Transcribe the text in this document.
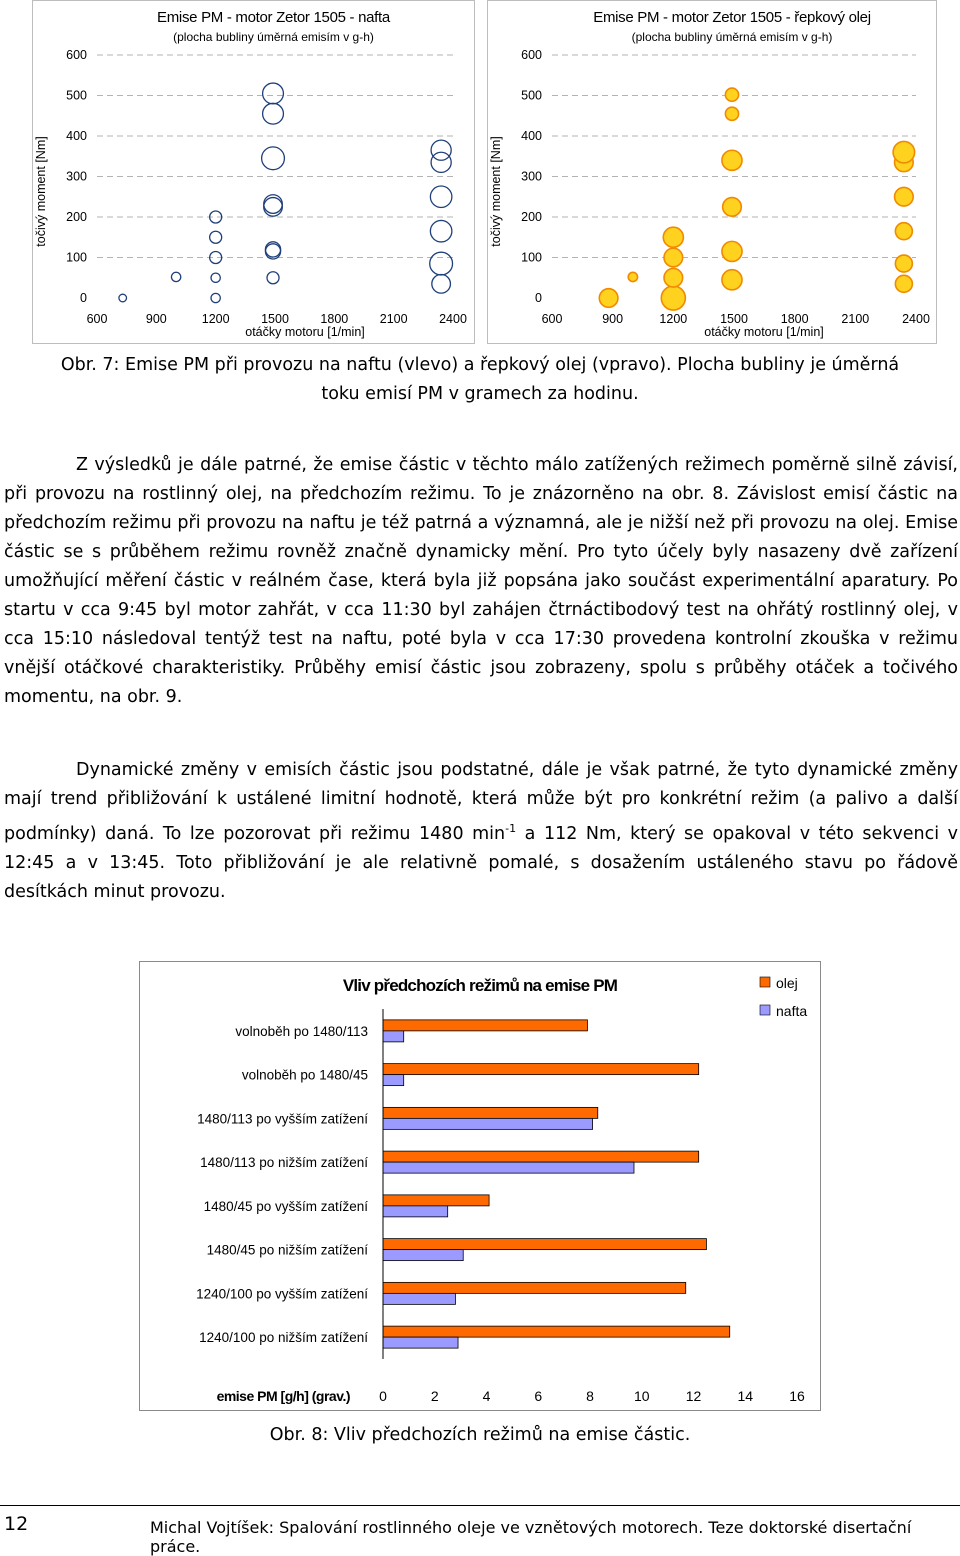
Emise PM - motor Zetor 1505 - nafta
(plocha bubliny úměrná emisím v g-h)
0
100
200
300
400
500
600
600	900	1200	1500	1800	2100	2400
otáčky motoru [1/min]
točivý moment [Nm]
Emise PM - motor Zetor 1505 - řepkový olej
(plocha bubliny úměrná emisím v g-h)
0
100
200
300
400
500
600
600	900	1200	1500	1800	2100	2400
otáčky motoru [1/min]
točivý moment [Nm]
Obr. 7: Emise PM při provozu na naftu (vlevo) a řepkový olej (vpravo). Plocha bubliny je úměrná
toku emisí PM v gramech za hodinu.
Z výsledků je dále patrné, že emise částic v těchto málo zatížených režimech poměrně silně závisí, při provozu na rostlinný olej, na předchozím režimu. To je znázorněno na obr. 8. Závislost emisí částic na předchozím režimu při provozu na naftu je též patrná a významná, ale je nižší než při provozu na olej. Emise částic se s průběhem režimu rovněž značně dynamicky mění. Pro tyto účely byly nasazeny dvě zařízení umožňující měření částic v reálném čase, která byla již popsána jako součást experimentální aparatury. Po startu v cca 9:45 byl motor zahřát, v cca 11:30 byl zahájen čtrnáctibodový test na ohřátý rostlinný olej, v cca 15:10 následoval tentýž test na naftu, poté byla v cca 17:30 provedena kontrolní zkouška v režimu vnější otáčkové charakteristiky. Průběhy emisí částic jsou zobrazeny, spolu s průběhy otáček a točivého momentu, na obr. 9.
Dynamické změny v emisích částic jsou podstatné, dále je však patrné, že tyto dynamické změny mají trend přibližování k ustálené limitní hodnotě, která může být pro konkrétní režim (a palivo a další podmínky) daná. To lze pozorovat při režimu 1480 $\min^{-1} a$ 112 Nm, který se opakoval v této sekvenci v 12:45 a v 13:45. Toto přibližování je ale relativně pomalé, s dosažením ustáleného stavu po řádově desítkách minut provozu.
Vliv předchozích režimů na emise PM	olej
nafta
volnoběh po 1480/113
volnoběh po 1480/45
1480/113 po vyšším zatížení
1480/113 po nižším zatížení
1480/45 po vyšším zatížení
1480/45 po nižším zatížení
1240/100 po vyšším zatížení
1240/100 po nižším zatížení
0	2	4	6	8	10	12	14	16
emise PM [g/h] (grav.)
Obr. 8: Vliv předchozích režimů na emise částic.
12	Michal Vojtíšek: Spalování rostlinného oleje ve vznětových motorech. Teze doktorské disertační práce.
